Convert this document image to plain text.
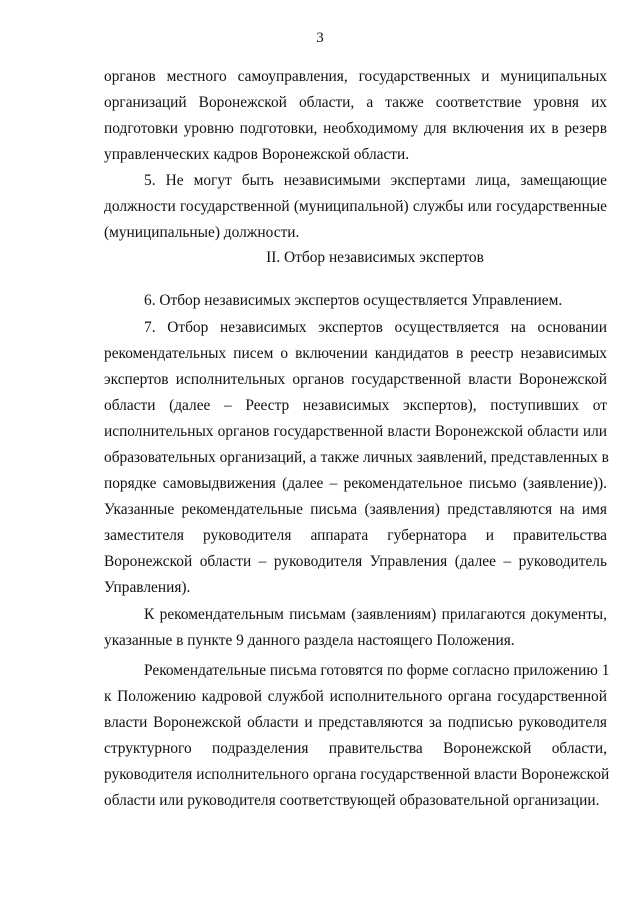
3
органов местного самоуправления, государственных и муниципальных
организаций Воронежской области, а также соответствие уровня их
подготовки уровню подготовки, необходимому для включения их в резерв
управленческих кадров Воронежской области.
5. Не могут быть независимыми экспертами лица, замещающие
должности государственной (муниципальной) службы или государственные
(муниципальные) должности.
II. Отбор независимых экспертов
6. Отбор независимых экспертов осуществляется Управлением.
7. Отбор независимых экспертов осуществляется на основании
рекомендательных писем о включении кандидатов в реестр независимых
экспертов исполнительных органов государственной власти Воронежской
области (далее – Реестр независимых экспертов), поступивших от
исполнительных органов государственной власти Воронежской области или
образовательных организаций, а также личных заявлений, представленных в
порядке самовыдвижения (далее – рекомендательное письмо (заявление)).
Указанные рекомендательные письма (заявления) представляются на имя
заместителя руководителя аппарата губернатора и правительства
Воронежской области – руководителя Управления (далее – руководитель
Управления).
К рекомендательным письмам (заявлениям) прилагаются документы,
указанные в пункте 9 данного раздела настоящего Положения.
Рекомендательные письма готовятся по форме согласно приложению 1
к Положению кадровой службой исполнительного органа государственной
власти Воронежской области и представляются за подписью руководителя
структурного подразделения правительства Воронежской области,
руководителя исполнительного органа государственной власти Воронежской
области или руководителя соответствующей образовательной организации.
